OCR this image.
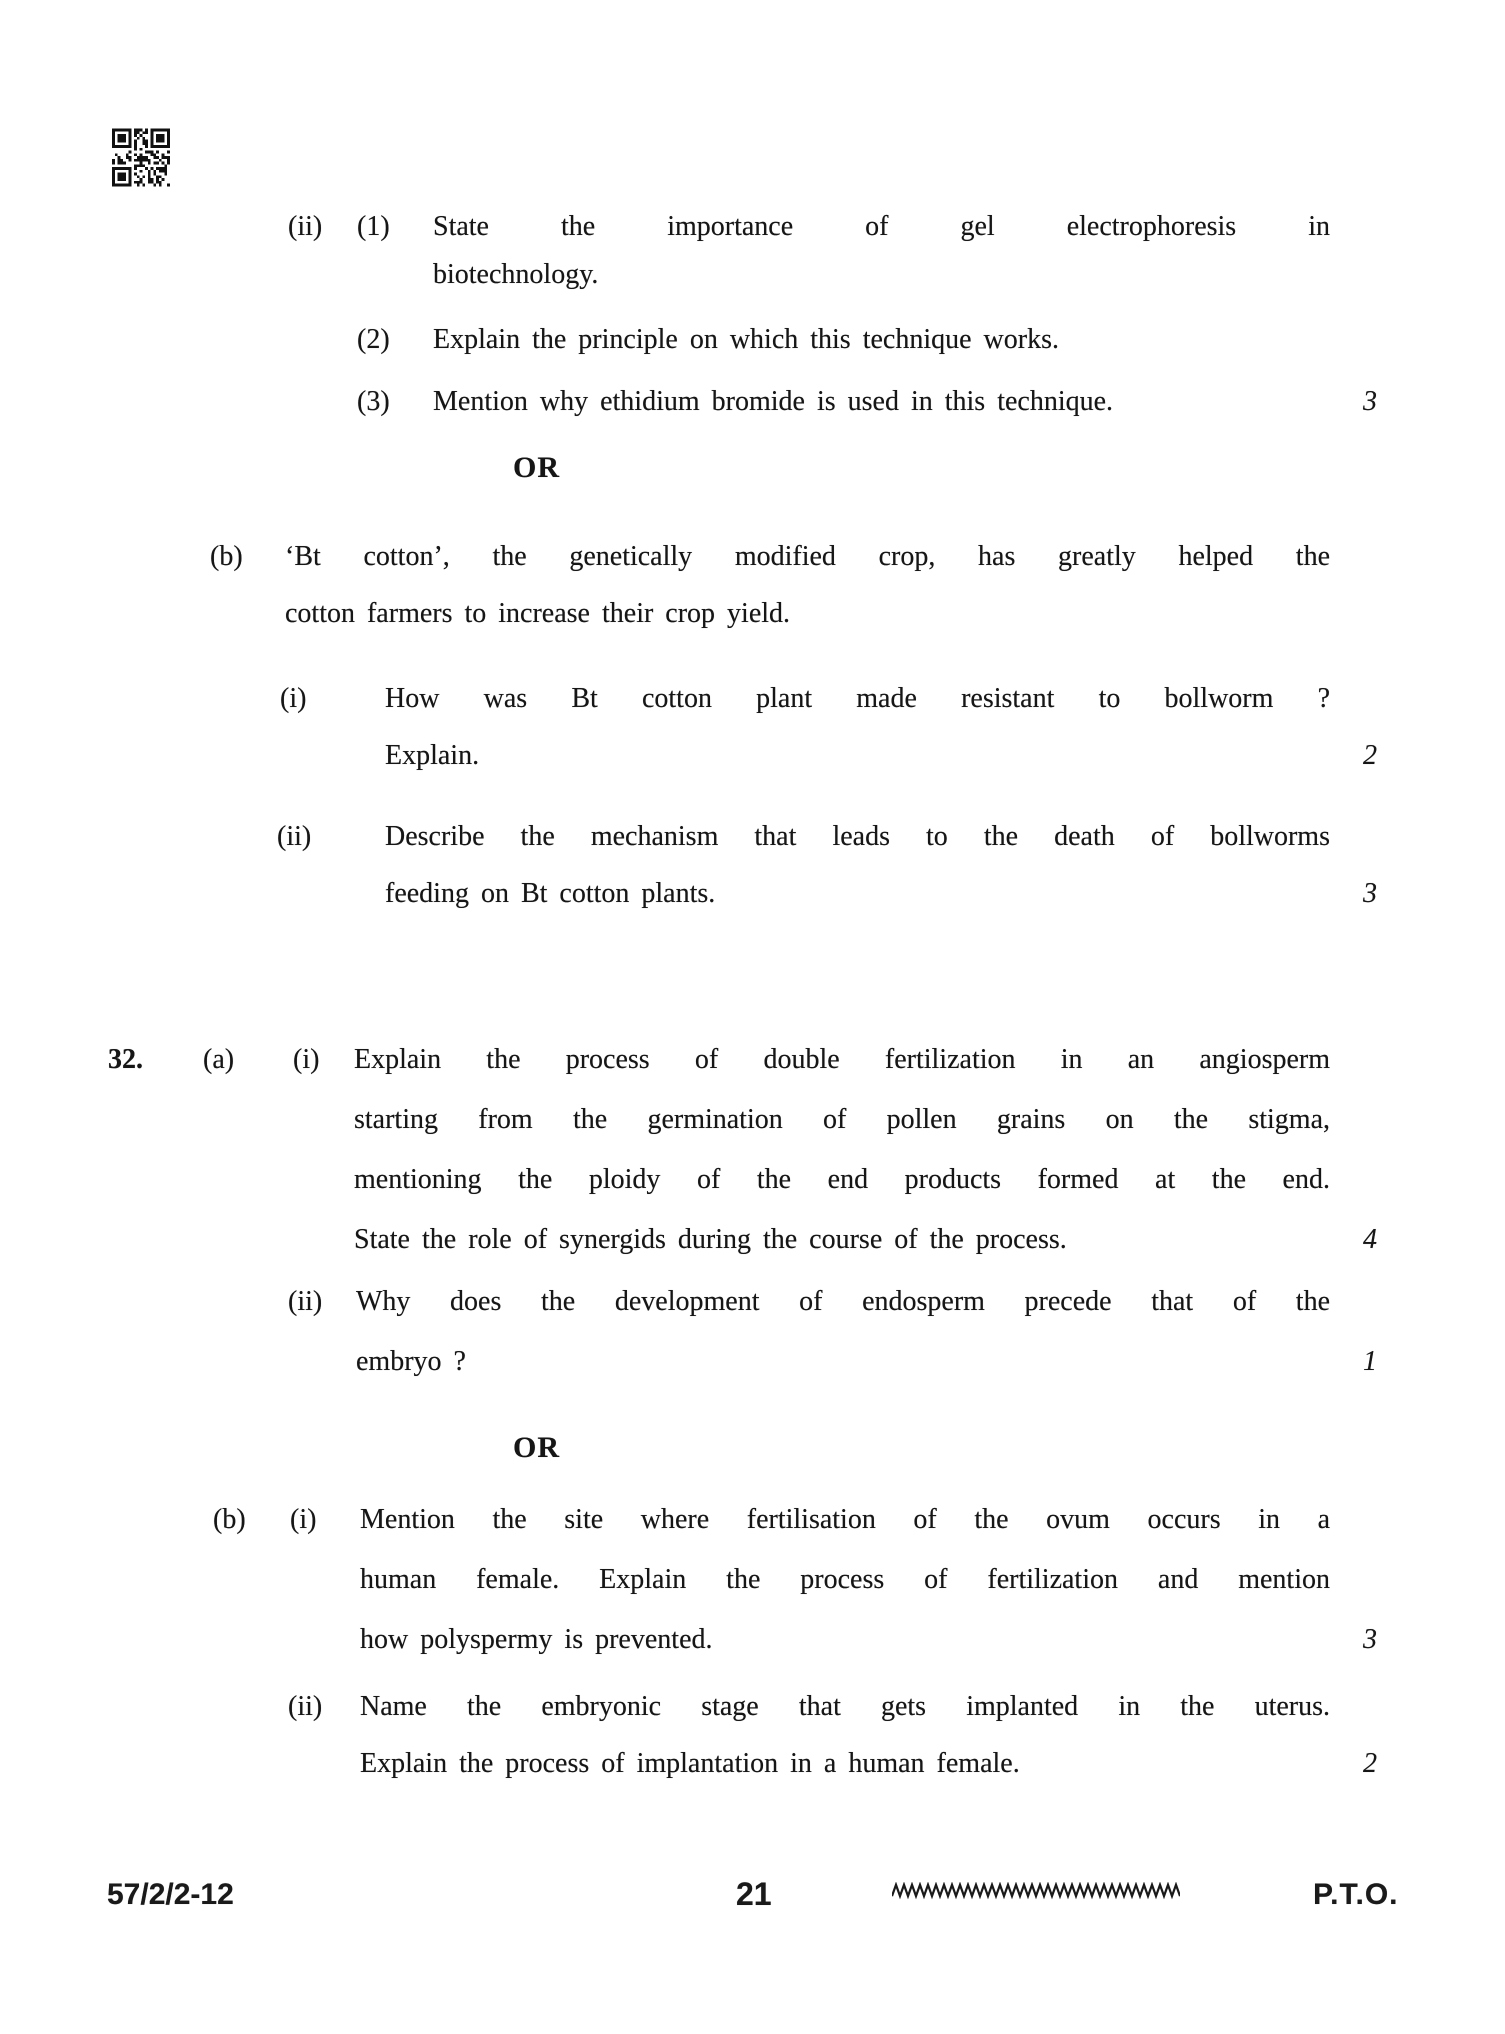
(ii) (1) State the importance of gel electrophoresis in
biotechnology.
(2) Explain the principle on which this technique works.
(3) Mention why ethidium bromide is used in this technique.	3
OR
(b) ‘Bt cotton’, the genetically modified crop, has greatly helped the
cotton farmers to increase their crop yield.
(i)	How was Bt cotton plant made resistant to bollworm ?
Explain.	2
(ii)	Describe the mechanism that leads to the death of bollworms
feeding on Bt cotton plants.	3
32. (a) (i) Explain the process of double fertilization in an angiosperm
starting from the germination of pollen grains on the stigma,
mentioning the ploidy of the end products formed at the end.
State the role of synergids during the course of the process.	4
(ii) Why does the development of endosperm precede that of the
embryo ?	1
OR
(b) (i) Mention the site where fertilisation of the ovum occurs in a
human female. Explain the process of fertilization and mention
how polyspermy is prevented.	3
(ii) Name the embryonic stage that gets implanted in the uterus.
Explain the process of implantation in a human female.	2
57/2/2-12	21	P.T.O.
